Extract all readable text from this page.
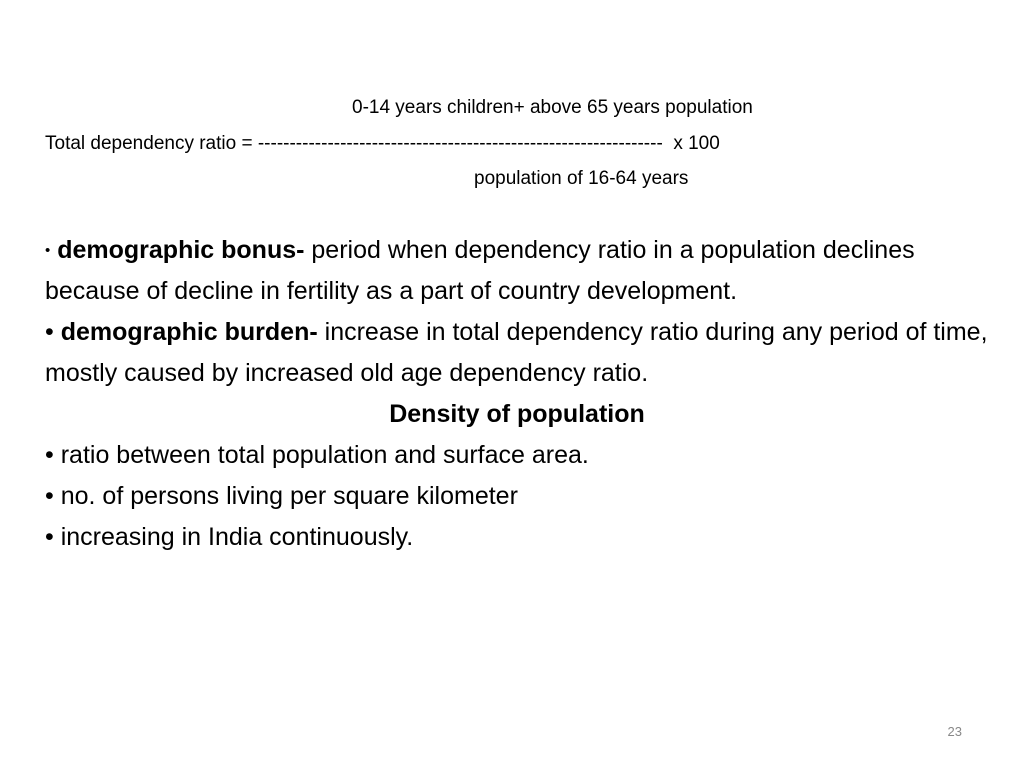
0-14 years children+ above 65 years population
Total dependency ratio = ----------------------------------------------------------------  x 100
population of 16-64 years

• demographic bonus- period when dependency ratio in a population declines because of decline in fertility as a part of country development.

• demographic burden- increase in total dependency ratio during any period of time, mostly caused by increased old age dependency ratio.

Density of population

• ratio between total population and surface area.

• no. of persons living per square kilometer

• increasing in India continuously.

23
